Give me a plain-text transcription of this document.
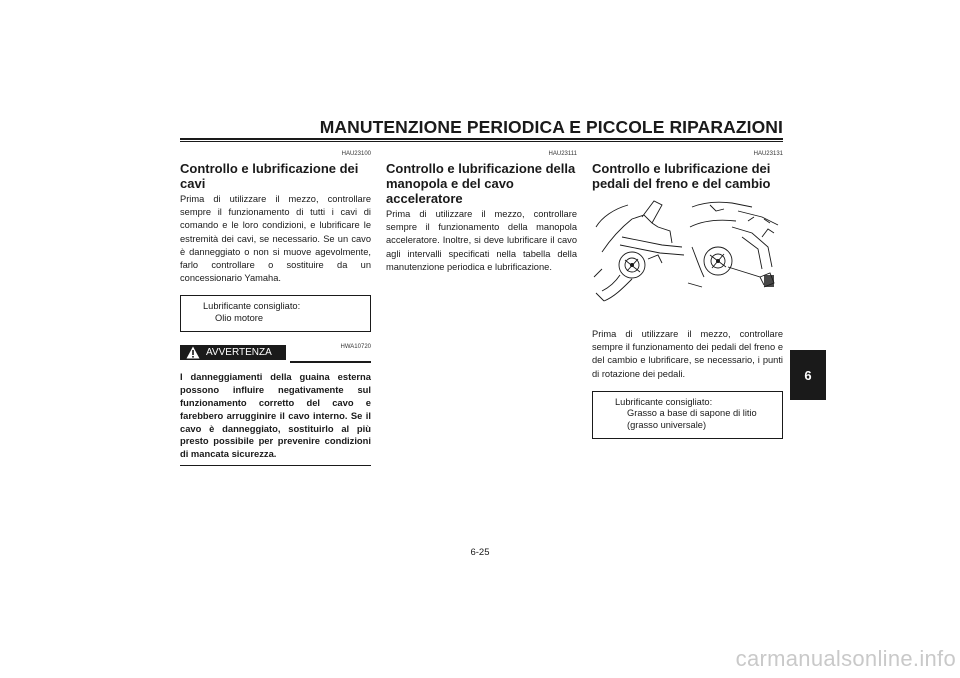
MANUTENZIONE PERIODICA E PICCOLE RIPARAZIONI
6
HAU23100
Controllo e lubrificazione dei cavi
Prima di utilizzare il mezzo, controllare sempre il funzionamento di tutti i cavi di comando e le loro condizioni, e lubrificare le estremità dei cavi, se necessario. Se un cavo è danneggiato o non si muove agevolmente, farlo controllare o sostituire da un concessionario Yamaha.
Lubrificante consigliato:
Olio motore
AVVERTENZA	HWA10720
I danneggiamenti della guaina esterna possono influire negativamente sul funzionamento corretto del cavo e farebbero arrugginire il cavo interno. Se il cavo è danneggiato, sostituirlo al più presto possibile per prevenire condizioni di mancata sicurezza.
HAU23111
Controllo e lubrificazione della manopola e del cavo acceleratore
Prima di utilizzare il mezzo, controllare sempre il funzionamento della manopola acceleratore. Inoltre, si deve lubrificare il cavo agli intervalli specificati nella tabella della manutenzione periodica e lubrificazione.
HAU23131
Controllo e lubrificazione dei pedali del freno e del cambio
Prima di utilizzare il mezzo, controllare sempre il funzionamento dei pedali del freno e del cambio e lubrificare, se necessario, i punti di rotazione dei pedali.
Lubrificante consigliato:
Grasso a base di sapone di litio
(grasso universale)
6-25
carmanualsonline.info
